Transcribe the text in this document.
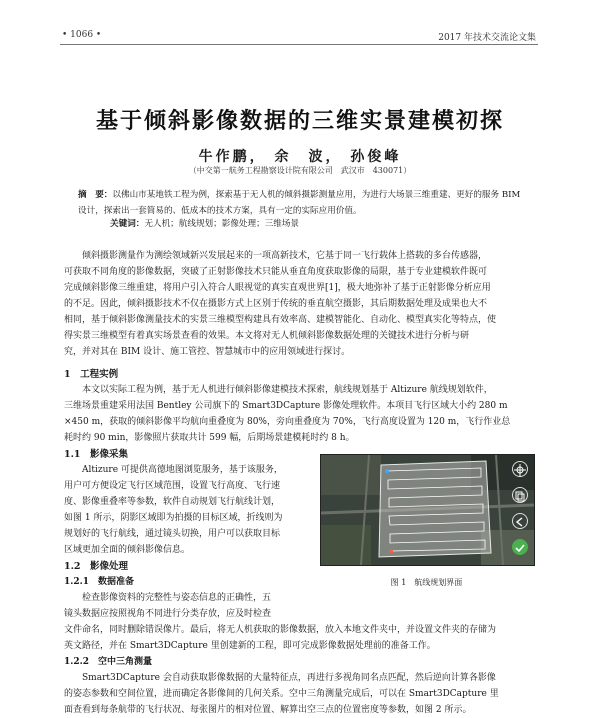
• 1066 •	2017 年技术交流论文集
基于倾斜影像数据的三维实景建模初探
牛作鹏， 余　波， 孙俊峰
（中交第一航务工程勘察设计院有限公司　武汉市　430071）
摘　要：以佛山市某地铁工程为例，探索基于无人机的倾斜摄影测量应用，为进行大场景三维重建、更好的服务 BIM 设计，探索出一套简易的、低成本的技术方案，具有一定的实际应用价值。
关键词：无人机；航线规划；影像处理；三维场景
倾斜摄影测量作为测绘领域新兴发展起来的一项高新技术，它基于同一飞行载体上搭载的多台传感器，
可获取不同角度的影像数据，突破了正射影像技术只能从垂直角度获取影像的局限，基于专业建模软件既可
完成倾斜影像三维重建，将用户引入符合人眼视觉的真实直观世界[1]，极大地弥补了基于正射影像分析应用
的不足。因此，倾斜摄影技术不仅在摄影方式上区别于传统的垂直航空摄影，其后期数据处理及成果也大不
相同，基于倾斜影像测量技术的实景三维模型构建具有效率高、建模智能化、自动化、模型真实化等特点，使
得实景三维模型有着真实场景查看的效果。本文将对无人机倾斜影像数据处理的关键技术进行分析与研
究，并对其在 BIM 设计、施工管控、智慧城市中的应用领域进行探讨。
1　工程实例
本文以实际工程为例，基于无人机进行倾斜影像建模技术探索，航线规划基于 Altizure 航线规划软件，
三维场景重建采用法国 Bentley 公司旗下的 Smart3DCapture 影像处理软件。本项目飞行区域大小约 280 m
×450 m，获取的倾斜影像平均航向重叠度为 80%，旁向重叠度为 70%，飞行高度设置为 120 m，飞行作业总
耗时约 90 min，影像照片获取共计 599 幅，后期场景建模耗时约 8 h。
1.1　影像采集
Altizure 可提供高德地图浏览服务，基于该服务，
用户可方便设定飞行区域范围，设置飞行高度、飞行速
度、影像重叠率等参数，软件自动规划飞行航线计划，
如图 1 所示，阴影区域即为拍摄的目标区域，折线则为
规划好的飞行航线，通过镜头切换，用户可以获取目标
区域更加全面的倾斜影像信息。
1.2　影像处理
1.2.1　数据准备
检查影像资料的完整性与姿态信息的正确性，五
镜头数据应按照视角不同进行分类存放，应及时检查
文件命名，同时删除错误像片。最后，将无人机获取的影像数据，放入本地文件夹中，并设置文件夹的存储为
英文路径，并在 Smart3DCapture 里创建新的工程，即可完成影像数据处理前的准备工作。
1.2.2　空中三角测量
Smart3DCapture 会自动获取影像数据的大量特征点，再进行多视角同名点匹配，然后逆向计算各影像
的姿态参数和空间位置，进而确定各影像间的几何关系。空中三角测量完成后，可以在 Smart3DCapture 里
面查看到每条航带的飞行状况、每张图片的相对位置、解算出空三点的位置密度等参数，如图 2 所示。
图 1　航线规划界面
